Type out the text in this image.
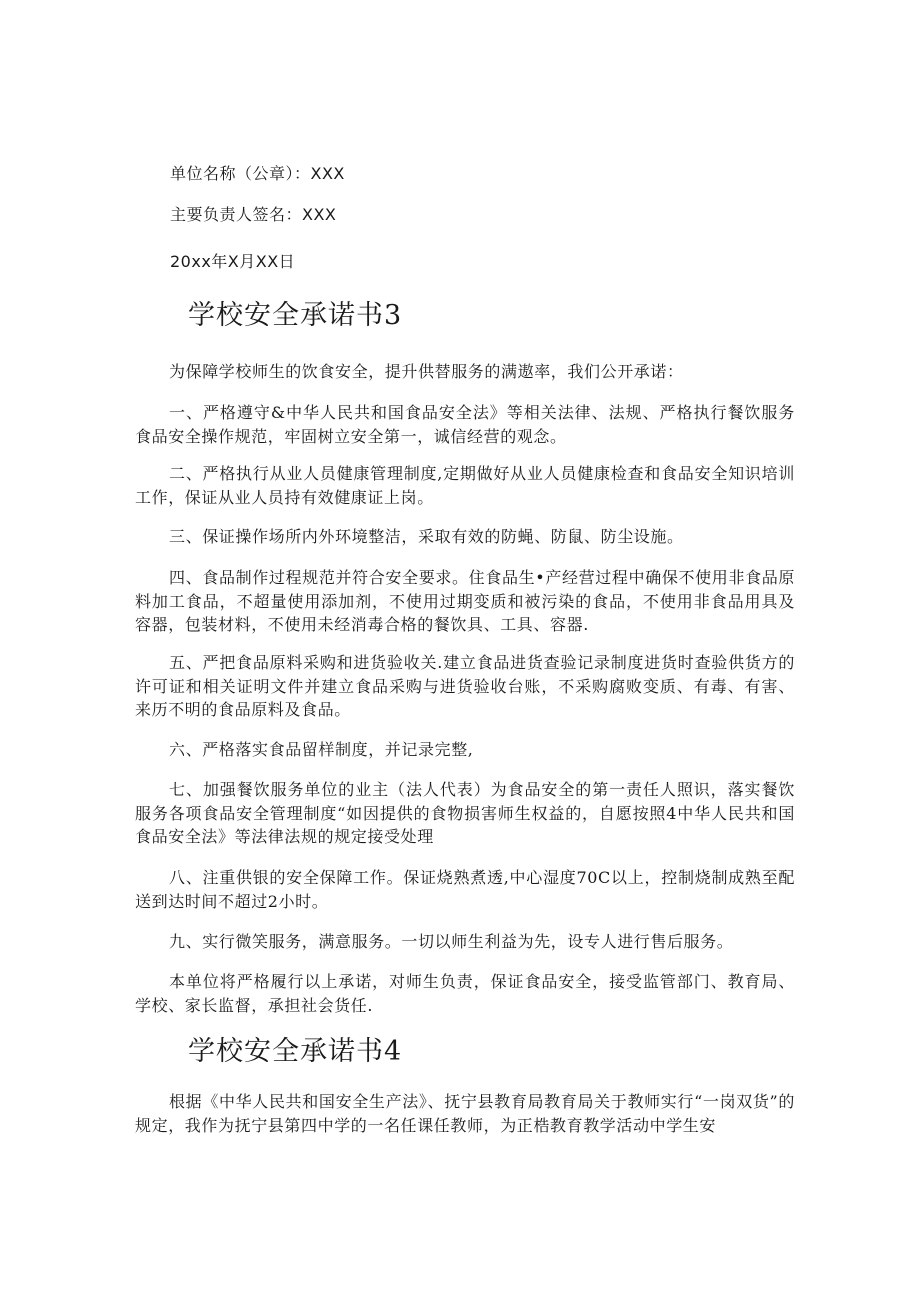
单位名称（公章）：XXX
主要负责人签名：XXX
20xx年X月XX日
学校安全承诺书3
为保障学校师生的饮食安全，提升供替服务的满遨率，我们公开承诺：
一、严格遵守&中华人民共和国食品安全法》等相关法律、法规、严格执行餐饮服务食品安全操作规范，牢固树立安全第一，诚信经营的观念。
二、严格执行从业人员健康管理制度,定期做好从业人员健康检查和食品安全知识培训工作，保证从业人员持有效健康证上岗。
三、保证操作场所内外环境整洁，采取有效的防蝇、防鼠、防尘设施。
四、食品制作过程规范并符合安全要求。住食品生•产经营过程中确保不使用非食品原料加工食品，不超量使用添加剂，不使用过期变质和被污染的食品，不使用非食品用具及容器，包装材料，不使用未经消毒合格的餐饮具、工具、容器.
五、严把食品原料采购和进货验收关.建立食品进货查验记录制度进货时查验供货方的许可证和相关证明文件并建立食品采购与进货验收台账，不采购腐败变质、有毒、有害、来历不明的食品原料及食品。
六、严格落实食品留样制度，并记录完整,
七、加强餐饮服务单位的业主（法人代表）为食品安全的第一责任人照识，落实餐饮服务各项食品安全管理制度“如因提供的食物损害师生权益的，自愿按照4中华人民共和国食品安全法》等法律法规的规定接受处理
八、注重供银的安全保障工作。保证烧熟煮透,中心湿度70C以上，控制烧制成熟至配送到达时间不超过2小时。
九、实行微笑服务，满意服务。一切以师生利益为先，设专人进行售后服务。
本单位将严格履行以上承诺，对师生负责，保证食品安全，接受监管部门、教育局、学校、家长监督，承担社会货任.
学校安全承诺书4
根据《中华人民共和国安全生产法》、抚宁县教育局教育局关于教师实行“一岗双货”的规定，我作为抚宁县第四中学的一名任课任教师，为正梏教育教学活动中学生安
